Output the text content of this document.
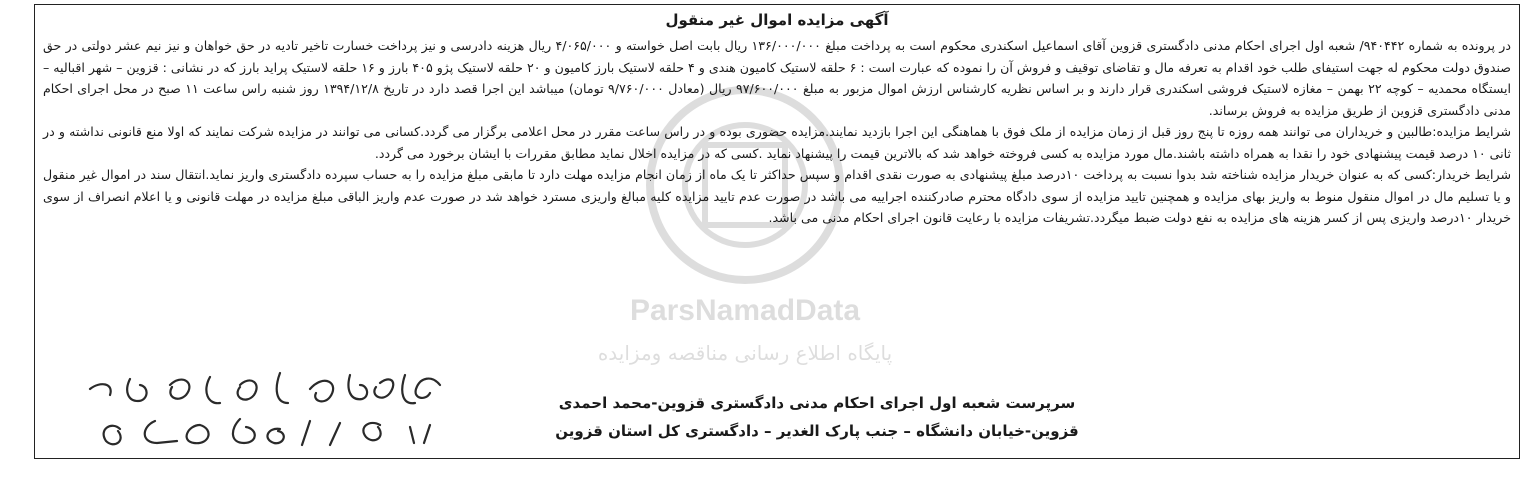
ParsNamadData
پایگاه اطلاع رسانی مناقصه ومزایده
آگهی مزایده اموال غیر منقول

در پرونده به شماره ۹۴۰۴۴۲/ شعبه اول اجرای احکام مدنی دادگستری قزوین آقای اسماعیل اسکندری محکوم است به پرداخت مبلغ ۱۳۶/۰۰۰/۰۰۰ ریال بابت اصل خواسته و ۴/۰۶۵/۰۰۰ ریال هزینه دادرسی و نیز پرداخت خسارت تاخیر تادیه در حق خواهان و نیز نیم عشر دولتی در حق صندوق دولت محکوم له جهت استیفای طلب خود اقدام به تعرفه مال و تقاضای توقیف و فروش آن را نموده که عبارت است : ۶ حلقه لاستیک کامیون هندی و ۴ حلقه لاستیک بارز کامیون و ۲۰ حلقه لاستیک پژو ۴۰۵ بارز و ۱۶ حلقه لاستیک پراید بارز که در نشانی : قزوین – شهر اقبالیه –ایستگاه محمدیه – کوچه ۲۲ بهمن – مغازه لاستیک فروشی اسکندری قرار دارند و بر اساس نظریه کارشناس ارزش اموال مزبور به مبلغ ۹۷/۶۰۰/۰۰۰ ریال (معادل ۹/۷۶۰/۰۰۰ تومان) میباشد این اجرا قصد دارد در تاریخ ۱۳۹۴/۱۲/۸ روز شنبه راس ساعت ۱۱ صبح در محل اجرای احکام مدنی دادگستری قزوین از طریق مزایده به فروش برساند.

شرایط مزایده:طالبین و خریداران می توانند همه روزه تا پنج روز قبل از زمان مزایده از ملک فوق با هماهنگی این اجرا بازدید نمایند.مزایده حضوری بوده و در راس ساعت مقرر در محل اعلامی برگزار می گردد.کسانی می توانند در مزایده شرکت نمایند که اولا منع قانونی نداشته و در ثانی ۱۰ درصد قیمت پیشنهادی خود را نقدا به همراه داشته باشند.مال مورد مزایده به کسی فروخته خواهد شد که بالاترین قیمت را پیشنهاد نماید .کسی که در مزایده اخلال نماید مطابق مقررات با ایشان برخورد می گردد.

شرایط خریدار:کسی که به عنوان خریدار مزایده شناخته شد بدوا نسبت به پرداخت ۱۰درصد مبلغ پیشنهادی به صورت نقدی اقدام و سپس حداکثر تا یک ماه از زمان انجام مزایده مهلت دارد تا مابقی مبلغ مزایده را به حساب سپرده دادگستری واریز نماید.انتقال سند در اموال غیر منقول و یا تسلیم مال در اموال منقول منوط به واریز بهای مزایده و همچنین تایید مزایده از سوی دادگاه محترم صادرکننده اجراییه می باشد در صورت عدم تایید مزایده کلیه مبالغ واریزی مسترد خواهد شد در صورت عدم واریز الباقی مبلغ مزایده در مهلت قانونی و یا اعلام انصراف از سوی خریدار ۱۰درصد واریزی پس از کسر هزینه های مزایده به نفع دولت ضبط میگردد.تشریفات مزایده با رعایت قانون اجرای احکام مدنی می باشد.

سرپرست شعبه اول اجرای احکام مدنی دادگستری قزوین-محمد احمدی
قزوین-خیابان دانشگاه – جنب پارک الغدیر – دادگستری کل استان قزوین
